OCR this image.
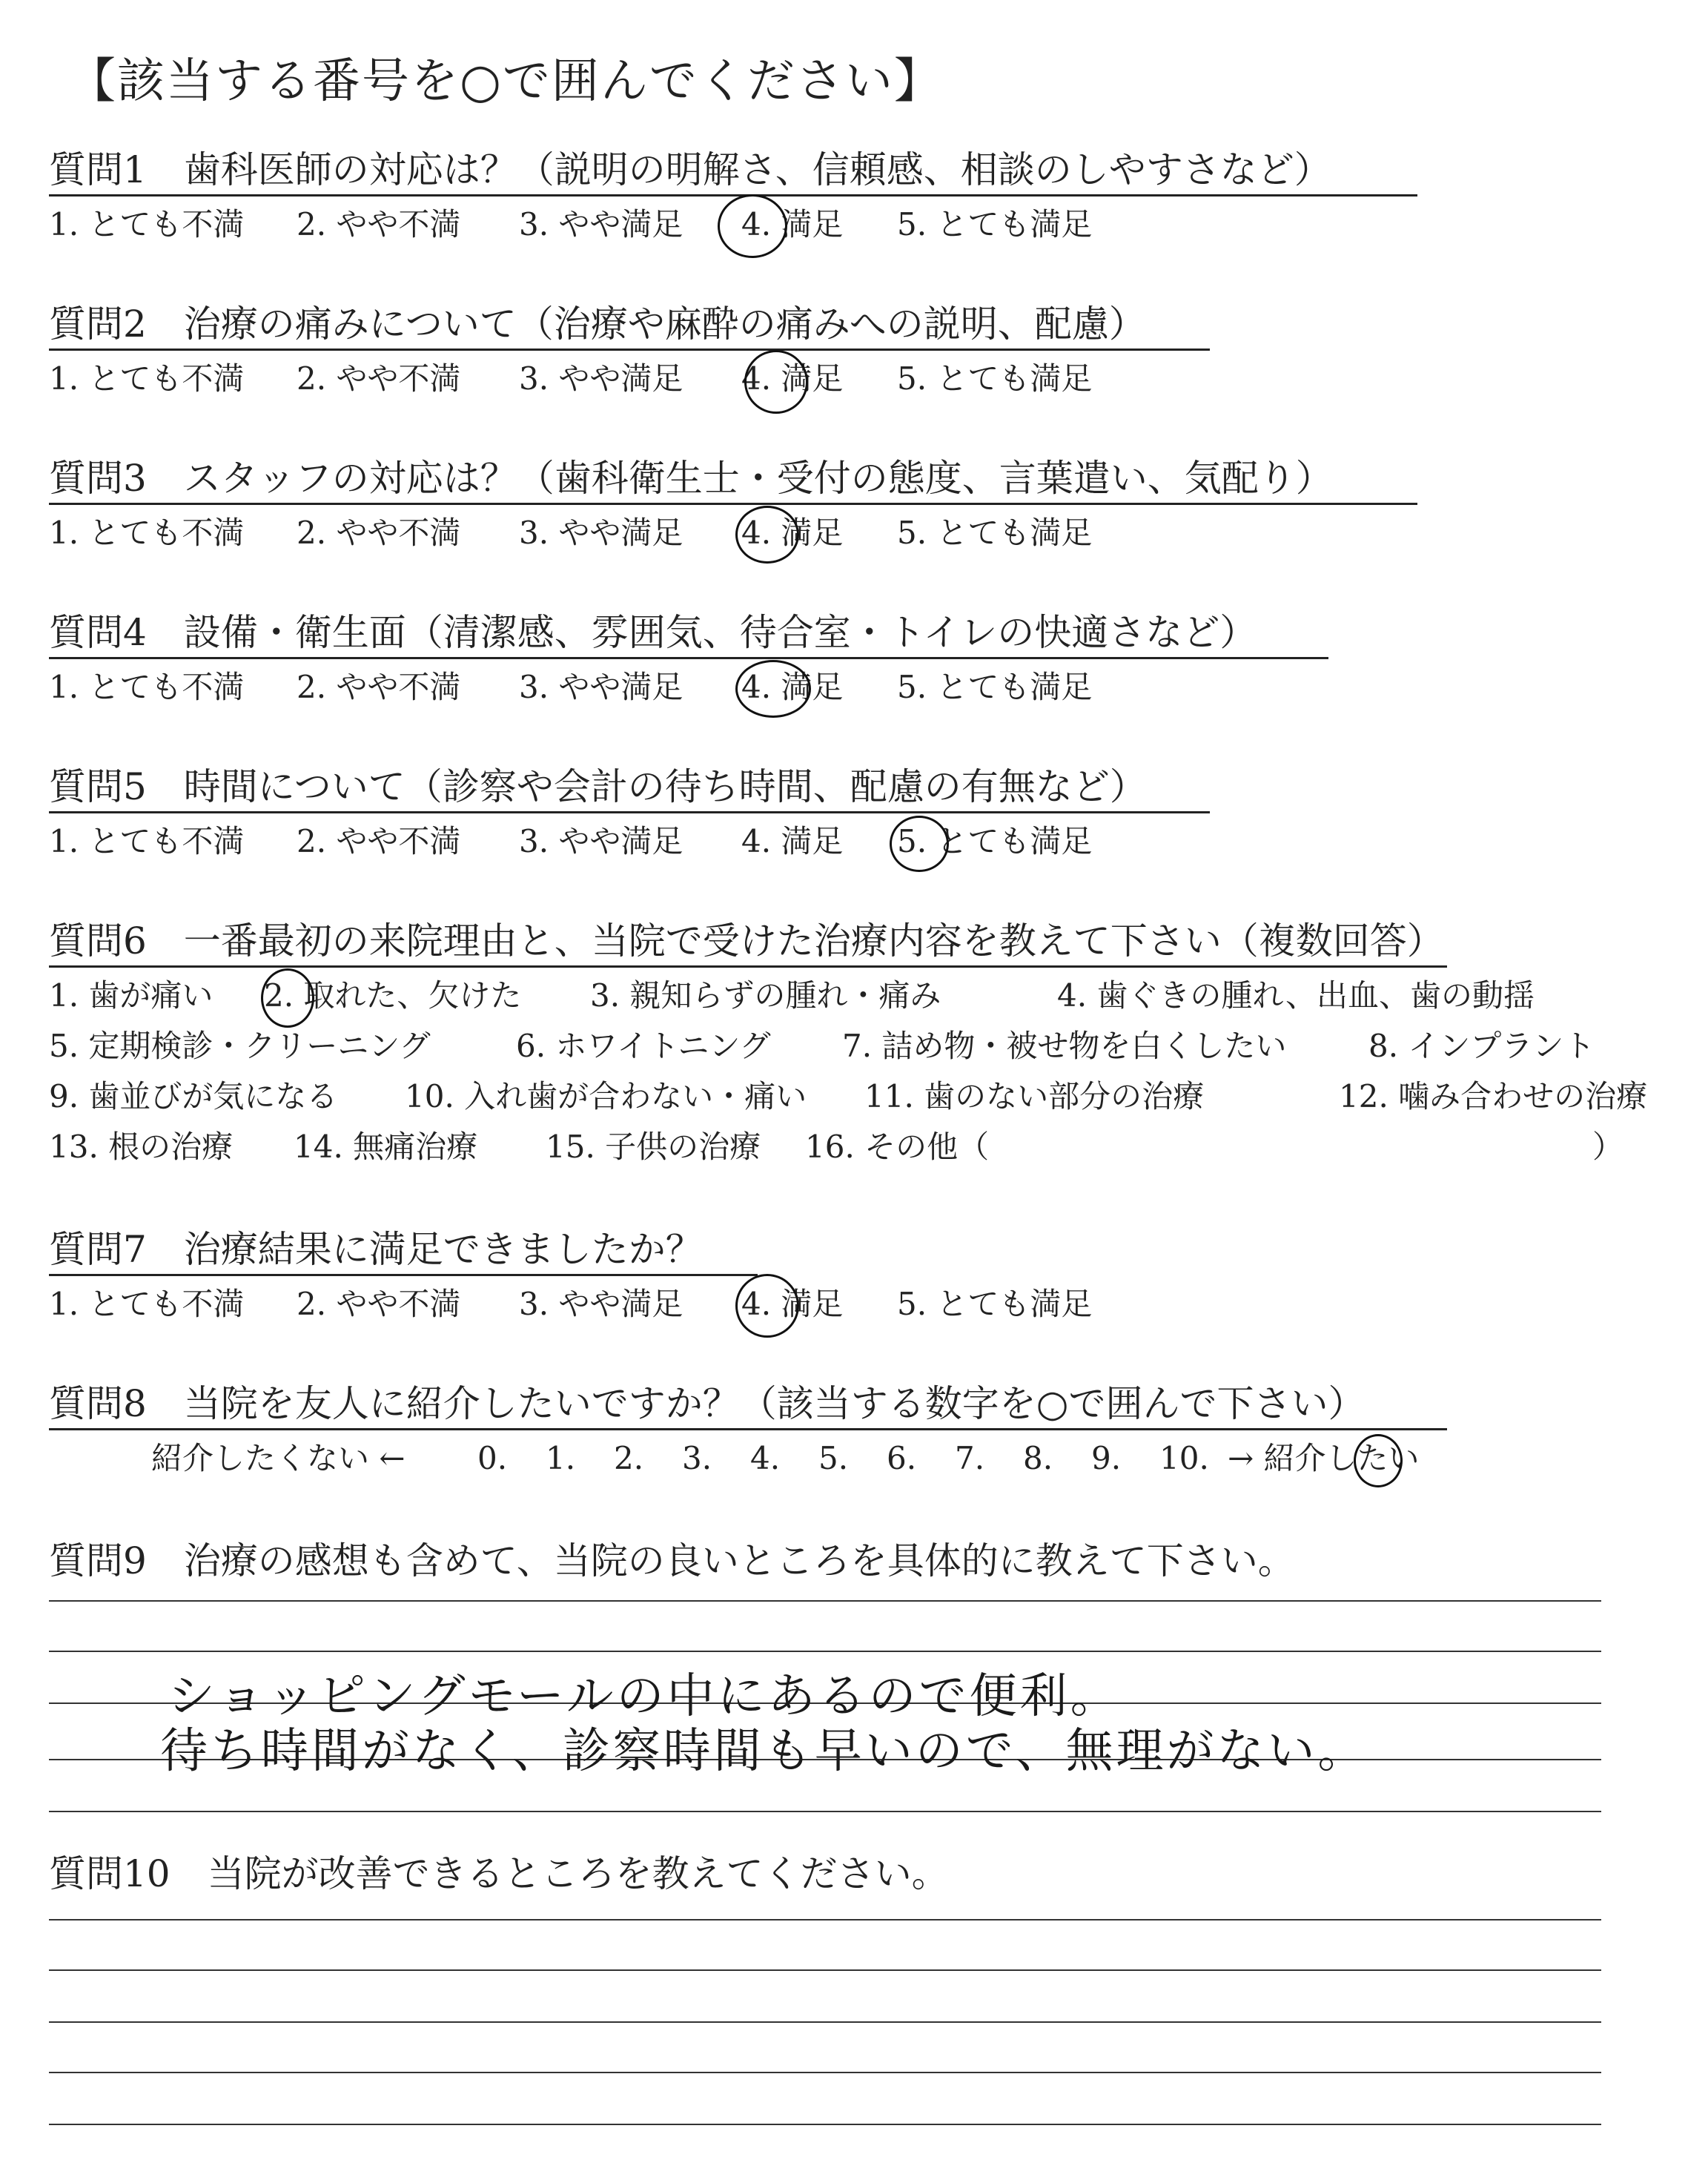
【該当する番号を○で囲んでください】
質問1　歯科医師の対応は？（説明の明解さ、信頼感、相談のしやすさなど）
1. とても不満 2. やや不満 3. やや満足 4. 満足 5. とても満足
質問2　治療の痛みについて（治療や麻酔の痛みへの説明、配慮）
1. とても不満 2. やや不満 3. やや満足 4. 満足 5. とても満足
質問3　スタッフの対応は？（歯科衛生士・受付の態度、言葉遣い、気配り）
1. とても不満 2. やや不満 3. やや満足 4. 満足 5. とても満足
質問4　設備・衛生面（清潔感、雰囲気、待合室・トイレの快適さなど）
1. とても不満 2. やや不満 3. やや満足 4. 満足 5. とても満足
質問5　時間について（診察や会計の待ち時間、配慮の有無など）
1. とても不満 2. やや不満 3. やや満足 4. 満足 5. とても満足
質問6　一番最初の来院理由と、当院で受けた治療内容を教えて下さい（複数回答）
1. 歯が痛い 2. 取れた、欠けた 3. 親知らずの腫れ・痛み	4. 歯ぐきの腫れ、出血、歯の動揺
5. 定期検診・クリーニング	6. ホワイトニング 7. 詰め物・被せ物を白くしたい	8. インプラント
9. 歯並びが気になる 10. 入れ歯が合わない・痛い 11. 歯のない部分の治療	12. 噛み合わせの治療
13. 根の治療 14. 無痛治療 15. 子供の治療 16. その他（	）
質問7　治療結果に満足できましたか？
1. とても不満 2. やや不満 3. やや満足 4. 満足 5. とても満足
質問8　当院を友人に紹介したいですか？（該当する数字を○で囲んで下さい）
紹介したくない ← 0. 1. 2. 3. 4. 5. 6. 7. 8. 9. 10. → 紹介したい
質問9　治療の感想も含めて、当院の良いところを具体的に教えて下さい。
ショッピングモールの中にあるので便利。
待ち時間がなく、診察時間も早いので、無理がない。
質問10　当院が改善できるところを教えてください。
